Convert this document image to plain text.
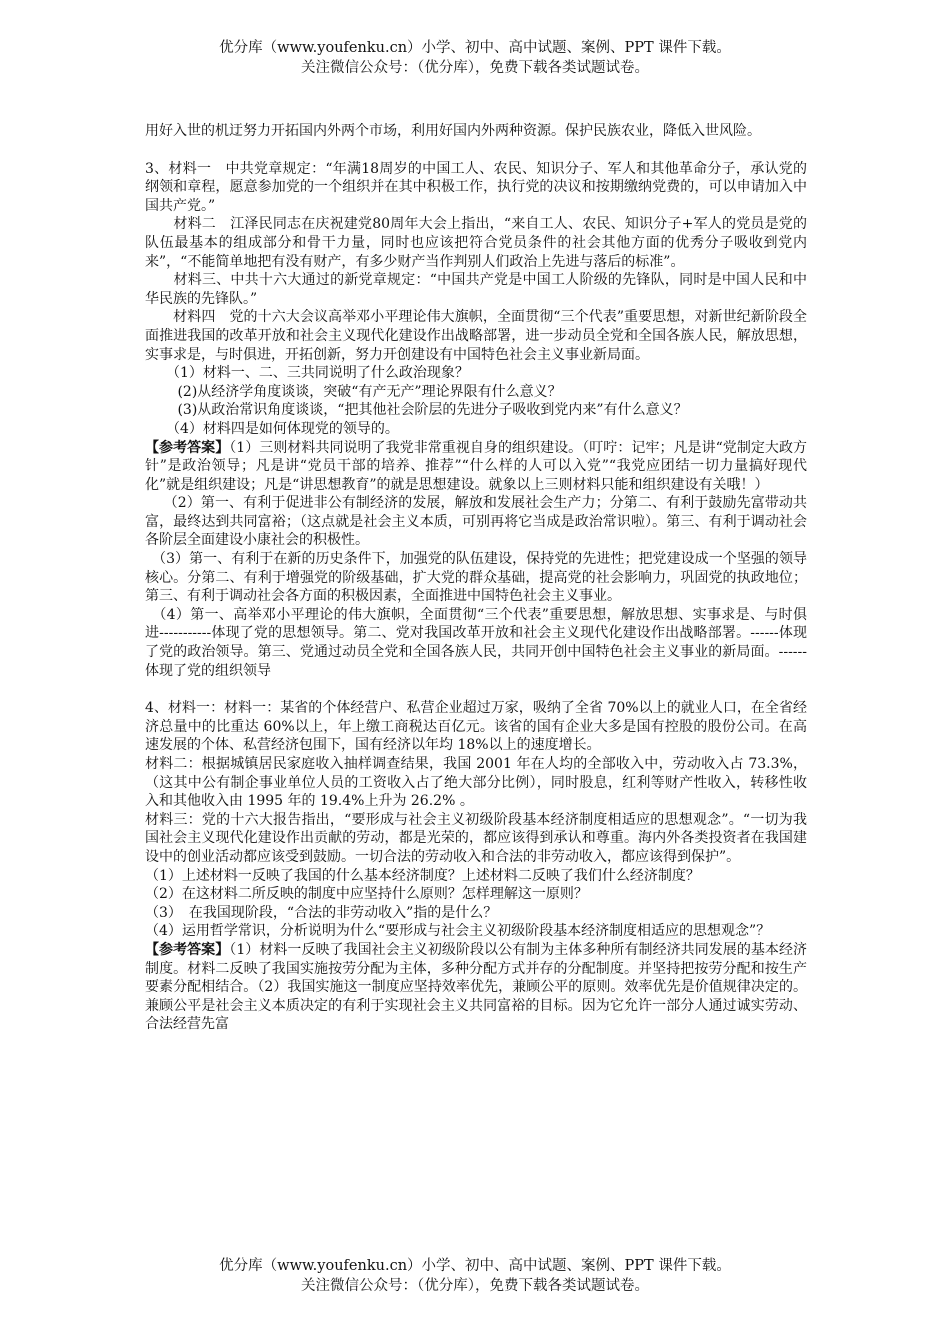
优分库（www.youfenku.cn）小学、初中、高中试题、案例、PPT 课件下载。

关注微信公众号：（优分库），免费下载各类试题试卷。

用好入世的机迂努力开拓国内外两个市场，利用好国内外两种资源。保护民族农业，降低入世风险。

3、材料一　中共党章规定：“年满18周岁的中国工人、农民、知识分子、军人和其他革命分子，承认党的纲领和章程，愿意参加党的一个组织并在其中积极工作，执行党的决议和按期缴纳党费的，可以申请加入中国共产党。”

　　材料二　江泽民同志在庆祝建党80周年大会上指出，“来自工人、农民、知识分子+军人的党员是党的队伍最基本的组成部分和骨干力量，同时也应该把符合党员条件的社会其他方面的优秀分子吸收到党内来”，“不能简单地把有没有财产，有多少财产当作判别人们政治上先进与落后的标准”。

　　材料三、中共十六大通过的新党章规定：“中国共产党是中国工人阶级的先锋队，同时是中国人民和中华民族的先锋队。”

　　材料四　党的十六大会议高举邓小平理论伟大旗帜，全面贯彻“三个代表”重要思想，对新世纪新阶段全面推进我国的改革开放和社会主义现代化建设作出战略部署，进一步动员全党和全国各族人民，解放思想，实事求是，与时俱进，开拓创新，努力开创建设有中国特色社会主义事业新局面。

　　（1）材料一、二、三共同说明了什么政治现象？

　　 (2)从经济学角度谈谈，突破“有产无产”理论界限有什么意义？

　　 (3)从政治常识角度谈谈，“把其他社会阶层的先进分子吸收到党内来”有什么意义？

　　（4）材料四是如何体现党的领导的。

【参考答案】（1）三则材料共同说明了我党非常重视自身的组织建设。（叮咛：记牢；凡是讲“党制定大政方针”是政治领导；凡是讲“党员干部的培养、推荐”“什么样的人可以入党”“我党应团结一切力量搞好现代化”就是组织建设；凡是“讲思想教育”的就是思想建设。就象以上三则材料只能和组织建设有关哦！）

　 （2）第一、有利于促进非公有制经济的发展，解放和发展社会生产力；分第二、有利于鼓励先富带动共富，最终达到共同富裕；（这点就是社会主义本质，可别再将它当成是政治常识啦）。第三、有利于调动社会各阶层全面建设小康社会的积极性。

　（3）第一、有利于在新的历史条件下，加强党的队伍建设，保持党的先进性；把党建设成一个坚强的领导核心。分第二、有利于增强党的阶级基础，扩大党的群众基础，提高党的社会影响力，巩固党的执政地位；第三、有利于调动社会各方面的积极因素，全面推进中国特色社会主义事业。

　（4）第一、高举邓小平理论的伟大旗帜，全面贯彻“三个代表”重要思想，解放思想、实事求是、与时俱进-----------体现了党的思想领导。第二、党对我国改革开放和社会主义现代化建设作出战略部署。------体现了党的政治领导。第三、党通过动员全党和全国各族人民，共同开创中国特色社会主义事业的新局面。------体现了党的组织领导

4、材料一：材料一：某省的个体经营户、私营企业超过万家，吸纳了全省 70%以上的就业人口，在全省经济总量中的比重达 60%以上，年上缴工商税达百亿元。该省的国有企业大多是国有控股的股份公司。在高速发展的个体、私营经济包围下，国有经济以年均 18%以上的速度增长。

材料二：根据城镇居民家庭收入抽样调查结果，我国 2001 年在人均的全部收入中，劳动收入占 73.3%，（这其中公有制企事业单位人员的工资收入占了绝大部分比例），同时股息，红利等财产性收入，转移性收入和其他收入由 1995 年的 19.4%上升为 26.2% 。

材料三：党的十六大报告指出，“要形成与社会主义初级阶段基本经济制度相适应的思想观念”。“一切为我国社会主义现代化建设作出贡献的劳动，都是光荣的，都应该得到承认和尊重。海内外各类投资者在我国建设中的创业活动都应该受到鼓励。一切合法的劳动收入和合法的非劳动收入，都应该得到保护”。

（1）上述材料一反映了我国的什么基本经济制度？上述材料二反映了我们什么经济制度？

（2）在这材料二所反映的制度中应坚持什么原则？怎样理解这一原则？

（3）　在我国现阶段，“合法的非劳动收入”指的是什么？

（4）运用哲学常识，分析说明为什么“要形成与社会主义初级阶段基本经济制度相适应的思想观念”？

【参考答案】（1）材料一反映了我国社会主义初级阶段以公有制为主体多种所有制经济共同发展的基本经济制度。材料二反映了我国实施按劳分配为主体，多种分配方式并存的分配制度。并坚持把按劳分配和按生产要素分配相结合。（2）我国实施这一制度应坚持效率优先，兼顾公平的原则。效率优先是价值规律决定的。兼顾公平是社会主义本质决定的有利于实现社会主义共同富裕的目标。因为它允许一部分人通过诚实劳动、合法经营先富

优分库（www.youfenku.cn）小学、初中、高中试题、案例、PPT 课件下载。

关注微信公众号：（优分库），免费下载各类试题试卷。
